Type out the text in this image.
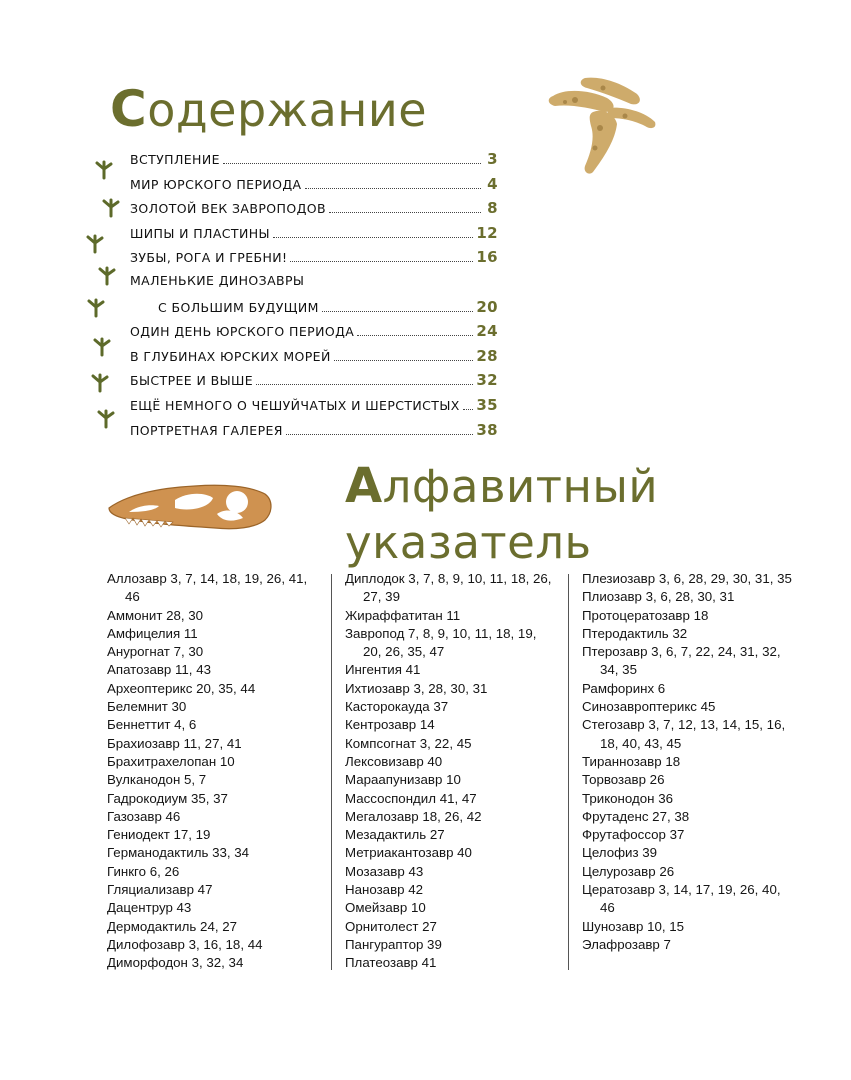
Содержание
ВСТУПЛЕНИЕ	3
МИР ЮРСКОГО ПЕРИОДА	4
ЗОЛОТОЙ ВЕК ЗАВРОПОДОВ	8
ШИПЫ И ПЛАСТИНЫ	12
ЗУБЫ, РОГА И ГРЕБНИ!	16
МАЛЕНЬКИЕ ДИНОЗАВРЫ
С БОЛЬШИМ БУДУЩИМ	20
ОДИН ДЕНЬ ЮРСКОГО ПЕРИОДА	24
В ГЛУБИНАХ ЮРСКИХ МОРЕЙ	28
БЫСТРЕЕ И ВЫШЕ	32
ЕЩЁ НЕМНОГО О ЧЕШУЙЧАТЫХ И ШЕРСТИСТЫХ 35
ПОРТРЕТНАЯ ГАЛЕРЕЯ	38
Алфавитный
указатель
Аллозавр 3, 7, 14, 18, 19, 26, 41, 46
Аммонит 28, 30
Амфицелия 11
Анурогнат 7, 30
Апатозавр 11, 43
Археоптерикс 20, 35, 44
Белемнит 30
Беннеттит 4, 6
Брахиозавр 11, 27, 41
Брахитрахелопан 10
Вулканодон 5, 7
Гадрокодиум 35, 37
Газозавр 46
Гениодект 17, 19
Германодактиль 33, 34
Гинкго 6, 26
Гляциализавр 47
Дацентрур 43
Дермодактиль 24, 27
Дилофозавр 3, 16, 18, 44
Диморфодон 3, 32, 34
Диплодок 3, 7, 8, 9, 10, 11, 18, 26, 27, 39
Жирaффатитан 11
Завропод 7, 8, 9, 10, 11, 18, 19, 20, 26, 35, 47
Ингентия 41
Ихтиозавр 3, 28, 30, 31
Касторокауда 37
Кентрозавр 14
Компсогнат 3, 22, 45
Лексовизавр 40
Мараапунизавр 10
Массоспондил 41, 47
Мегалозавр 18, 26, 42
Мезадактиль 27
Метриакантозавр 40
Мозазавр 43
Нанозавр 42
Омейзавр 10
Орнитолест 27
Пангураптор 39
Платеозавр 41
Плезиозавр 3, 6, 28, 29, 30, 31, 35
Плиозавр 3, 6, 28, 30, 31
Протоцератозавр 18
Птеродактиль 32
Птерозавр 3, 6, 7, 22, 24, 31, 32, 34, 35
Рамфоринх 6
Синозавроптерикс 45
Стегозавр 3, 7, 12, 13, 14, 15, 16, 18, 40, 43, 45
Тираннозавр 18
Торвозавр 26
Триконодон 36
Фрутаденс 27, 38
Фрутафоссор 37
Целофиз 39
Целурозавр 26
Цератозавр 3, 14, 17, 19, 26, 40, 46
Шунозавр 10, 15
Элафрозавр 7
